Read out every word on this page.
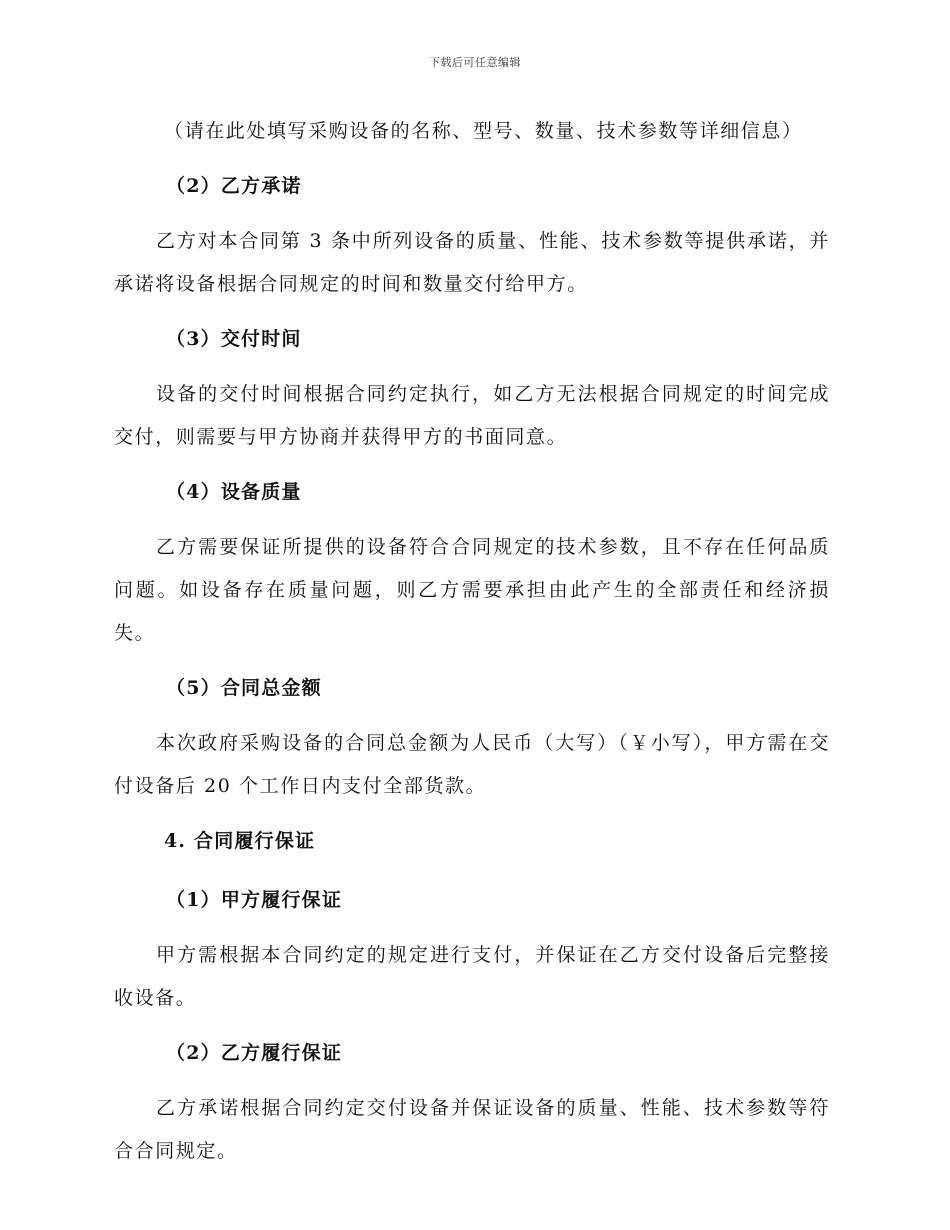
下载后可任意编辑

（请在此处填写采购设备的名称、型号、数量、技术参数等详细信息）

（2）乙方承诺

乙方对本合同第 3 条中所列设备的质量、性能、技术参数等提供承诺，并承诺将设备根据合同规定的时间和数量交付给甲方。

（3）交付时间

设备的交付时间根据合同约定执行，如乙方无法根据合同规定的时间完成交付，则需要与甲方协商并获得甲方的书面同意。

（4）设备质量

乙方需要保证所提供的设备符合合同规定的技术参数，且不存在任何品质问题。如设备存在质量问题，则乙方需要承担由此产生的全部责任和经济损失。

（5）合同总金额

本次政府采购设备的合同总金额为人民币（大写）（￥小写），甲方需在交付设备后 20 个工作日内支付全部货款。

4. 合同履行保证
（1）甲方履行保证

甲方需根据本合同约定的规定进行支付，并保证在乙方交付设备后完整接收设备。

（2）乙方履行保证

乙方承诺根据合同约定交付设备并保证设备的质量、性能、技术参数等符合合同规定。
